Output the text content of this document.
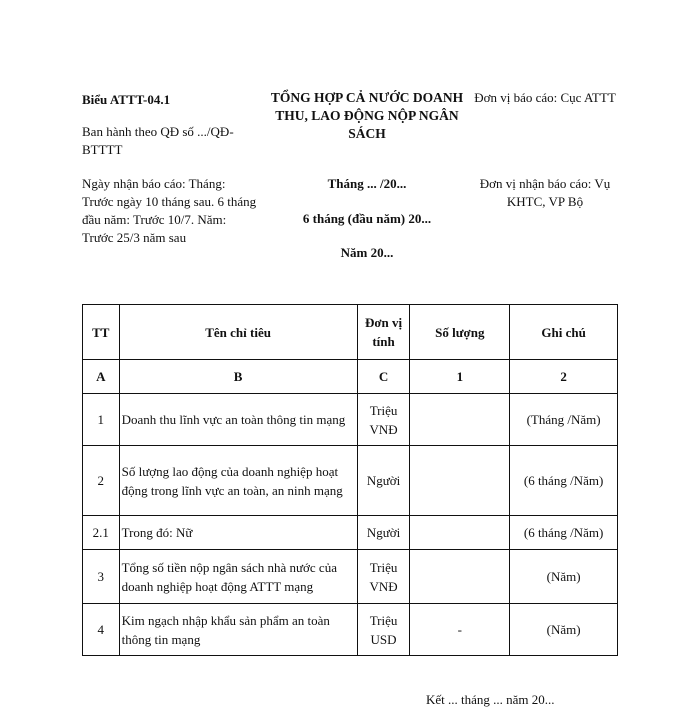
Biểu ATTT-04.1
Ban hành theo QĐ số .../QĐ-BTTTT
Ngày nhận báo cáo: Tháng: Trước ngày 10 tháng sau. 6 tháng đầu năm: Trước 10/7. Năm: Trước 25/3 năm sau
TỔNG HỢP CẢ NƯỚC DOANH THU, LAO ĐỘNG NỘP NGÂN SÁCH
Tháng ... /20...
6 tháng (đầu năm) 20...
Năm 20...
Đơn vị báo cáo: Cục ATTT
Đơn vị nhận báo cáo: Vụ KHTC, VP Bộ
TT	Tên chỉ tiêu	Đơn vị tính	Số lượng	Ghi chú
A	B	C	1	2
1	Doanh thu lĩnh vực an toàn thông tin mạng	Triệu VNĐ		(Tháng /Năm)
2	Số lượng lao động của doanh nghiệp hoạt động trong lĩnh vực an toàn, an ninh mạng	Người		(6 tháng /Năm)
2.1	Trong đó: Nữ	Người		(6 tháng /Năm)
3	Tổng số tiền nộp ngân sách nhà nước của doanh nghiệp hoạt động ATTT mạng	Triệu VNĐ		(Năm)
4	Kim ngạch nhập khẩu sản phẩm an toàn thông tin mạng	Triệu USD	-	(Năm)
Kết ... tháng ... năm 20...
